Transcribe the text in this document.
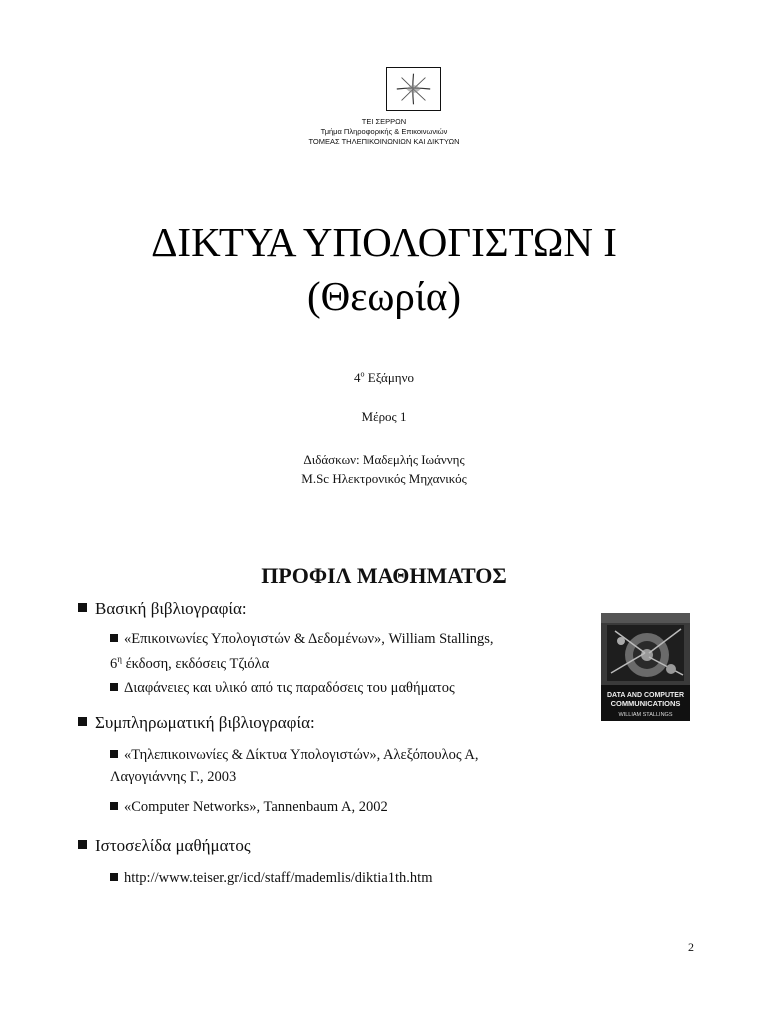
ΤΕΙ ΣΕΡΡΩΝ
Τμήμα Πληροφορικής & Επικοινωνιών
ΤΟΜΕΑΣ ΤΗΛΕΠΙΚΟΙΝΩΝΙΩΝ ΚΑΙ ΔΙΚΤΥΩΝ
ΔΙΚΤΥΑ ΥΠΟΛΟΓΙΣΤΩΝ Ι
(Θεωρία)
$4^o$ Εξάμηνο
Μέρος 1
Διδάσκων: Μαδεμλής Ιωάννης
M.Sc Ηλεκτρονικός Μηχανικός
ΠΡΟΦΙΛ ΜΑΘΗΜΑΤΟΣ
Βασική βιβλιογραφία:
«Επικοινωνίες Υπολογιστών & Δεδομένων», William Stallings,
$6^\eta$ έκδοση, εκδόσεις Τζιόλα
Διαφάνειες και υλικό από τις παραδόσεις του μαθήματος	DATA AND COMPUTER
COMMUNICATIONS
WILLIAM STALLINGS
Συμπληρωματική βιβλιογραφία:
«Τηλεπικοινωνίες & Δίκτυα Υπολογιστών», Αλεξόπουλος Α,
Λαγογιάννης Γ., 2003
«Computer Networks», Tannenbaum A, 2002
Ιστοσελίδα μαθήματος
http://www.teiser.gr/icd/staff/mademlis/diktia1th.htm
2
